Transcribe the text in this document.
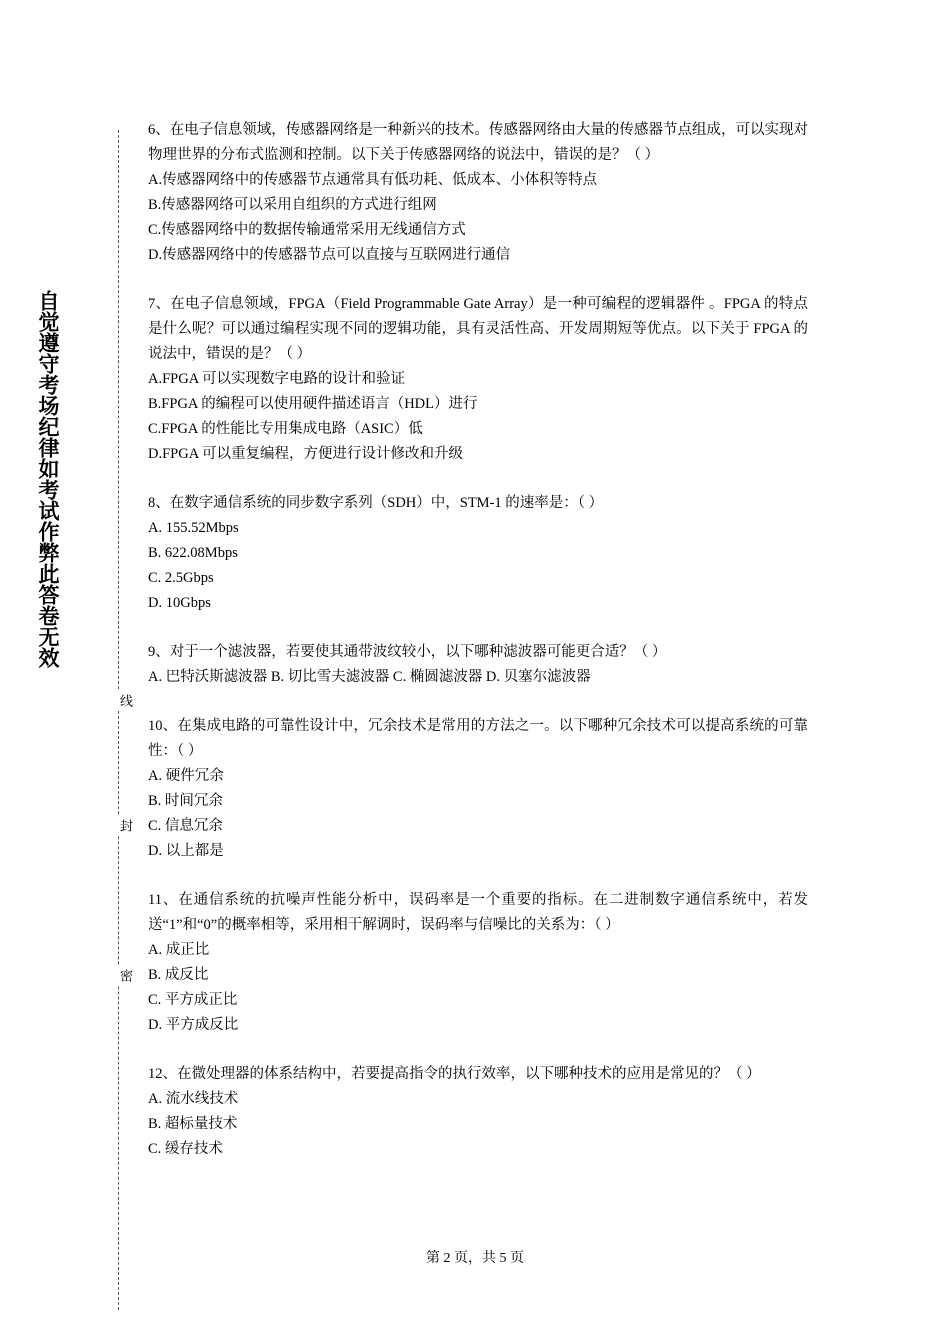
线
封
密
自觉遵守考场纪律如考试作弊此答卷无效
6、在电子信息领域，传感器网络是一种新兴的技术。传感器网络由大量的传感器节点组成，可以实现对物理世界的分布式监测和控制。以下关于传感器网络的说法中，错误的是？（ ）
A.传感器网络中的传感器节点通常具有低功耗、低成本、小体积等特点
B.传感器网络可以采用自组织的方式进行组网
C.传感器网络中的数据传输通常采用无线通信方式
D.传感器网络中的传感器节点可以直接与互联网进行通信
7、在电子信息领域，FPGA（Field Programmable Gate Array）是一种可编程的逻辑器件 。FPGA 的特点是什么呢？可以通过编程实现不同的逻辑功能，具有灵活性高、开发周期短等优点。以下关于 FPGA 的说法中，错误的是？（ ）
A.FPGA 可以实现数字电路的设计和验证
B.FPGA 的编程可以使用硬件描述语言（HDL）进行
C.FPGA 的性能比专用集成电路（ASIC）低
D.FPGA 可以重复编程，方便进行设计修改和升级
8、在数字通信系统的同步数字系列（SDH）中，STM-1 的速率是：（ ）
A. 155.52Mbps
B. 622.08Mbps
C. 2.5Gbps
D. 10Gbps
9、对于一个滤波器，若要使其通带波纹较小，以下哪种滤波器可能更合适？（ ）
A. 巴特沃斯滤波器 B. 切比雪夫滤波器 C. 椭圆滤波器 D. 贝塞尔滤波器
10、在集成电路的可靠性设计中，冗余技术是常用的方法之一。以下哪种冗余技术可以提高系统的可靠性：（ ）
A. 硬件冗余
B. 时间冗余
C. 信息冗余
D. 以上都是
11、在通信系统的抗噪声性能分析中，误码率是一个重要的指标。在二进制数字通信系统中，若发送“1”和“0”的概率相等，采用相干解调时，误码率与信噪比的关系为：（ ）
A. 成正比
B. 成反比
C. 平方成正比
D. 平方成反比
12、在微处理器的体系结构中，若要提高指令的执行效率，以下哪种技术的应用是常见的？（ ）
A. 流水线技术
B. 超标量技术
C. 缓存技术
第 2 页，共 5 页
